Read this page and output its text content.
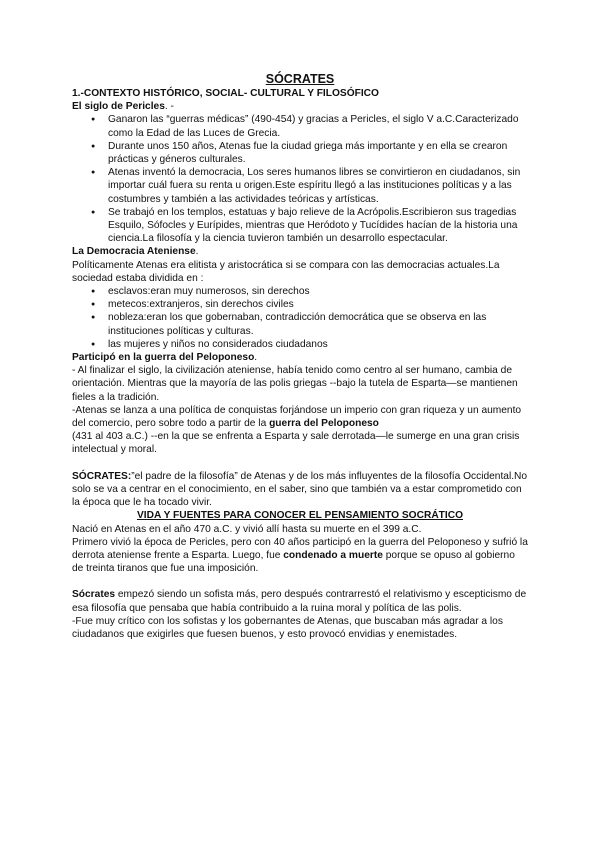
SÓCRATES

1.-CONTEXTO HISTÓRICO, SOCIAL- CULTURAL Y FILOSÓFICO

El siglo de Pericles. -

● Ganaron las “guerras médicas” (490-454) y gracias a Pericles, el siglo V a.C.Caracterizado como la Edad de las Luces de Grecia.
● Durante unos 150 años, Atenas fue la ciudad griega más importante y en ella se crearon prácticas y géneros culturales.
● Atenas inventó la democracia, Los seres humanos libres se convirtieron en ciudadanos, sin importar cuál fuera su renta u origen.Este espíritu llegó a las instituciones políticas y a las costumbres y también a las actividades teóricas y artísticas.
● Se trabajó en los templos, estatuas y bajo relieve de la Acrópolis.Escribieron sus tragedias Esquilo, Sófocles y Eurípides, mientras que Heródoto y Tucídides hacían de la historia una ciencia.La filosofía y la ciencia tuvieron también un desarrollo espectacular.

La Democracia Ateniense.

Políticamente Atenas era elitista y aristocrática si se compara con las democracias actuales.La sociedad estaba dividida en :

● esclavos:eran muy numerosos, sin derechos
● metecos:extranjeros, sin derechos civiles
● nobleza:eran los que gobernaban, contradicción democrática que se observa en las instituciones políticas y culturas.
● las mujeres y niños no considerados ciudadanos

Participó en la guerra del Peloponeso.

- Al finalizar el siglo, la civilización ateniense, había tenido como centro al ser humano, cambia de orientación. Mientras que la mayoría de las polis griegas --bajo la tutela de Esparta—se mantienen fieles a la tradición.

-Atenas se lanza a una política de conquistas forjándose un imperio con gran riqueza y un aumento del comercio, pero sobre todo a partir de la guerra del Peloponeso

(431 al 403 a.C.) --en la que se enfrenta a Esparta y sale derrotada—le sumerge en una gran crisis intelectual y moral.

SÓCRATES:”el padre de la filosofía” de Atenas y de los más influyentes de la filosofía Occidental.No solo se va a centrar en el conocimiento, en el saber, sino que también va a estar comprometido con la época que le ha tocado vivir.

VIDA Y FUENTES PARA CONOCER EL PENSAMIENTO SOCRÁTICO

Nació en Atenas en el año 470 a.C. y vivió allí hasta su muerte en el 399 a.C.

Primero vivió la época de Pericles, pero con 40 años participó en la guerra del Peloponeso y sufrió la derrota ateniense frente a Esparta. Luego, fue condenado a muerte porque se opuso al gobierno de treinta tiranos que fue una imposición.

Sócrates empezó siendo un sofista más, pero después contrarrestó el relativismo y escepticismo de esa filosofía que pensaba que había contribuido a la ruina moral y política de las polis.

-Fue muy crítico con los sofistas y los gobernantes de Atenas, que buscaban más agradar a los ciudadanos que exigirles que fuesen buenos, y esto provocó envidias y enemistades.
